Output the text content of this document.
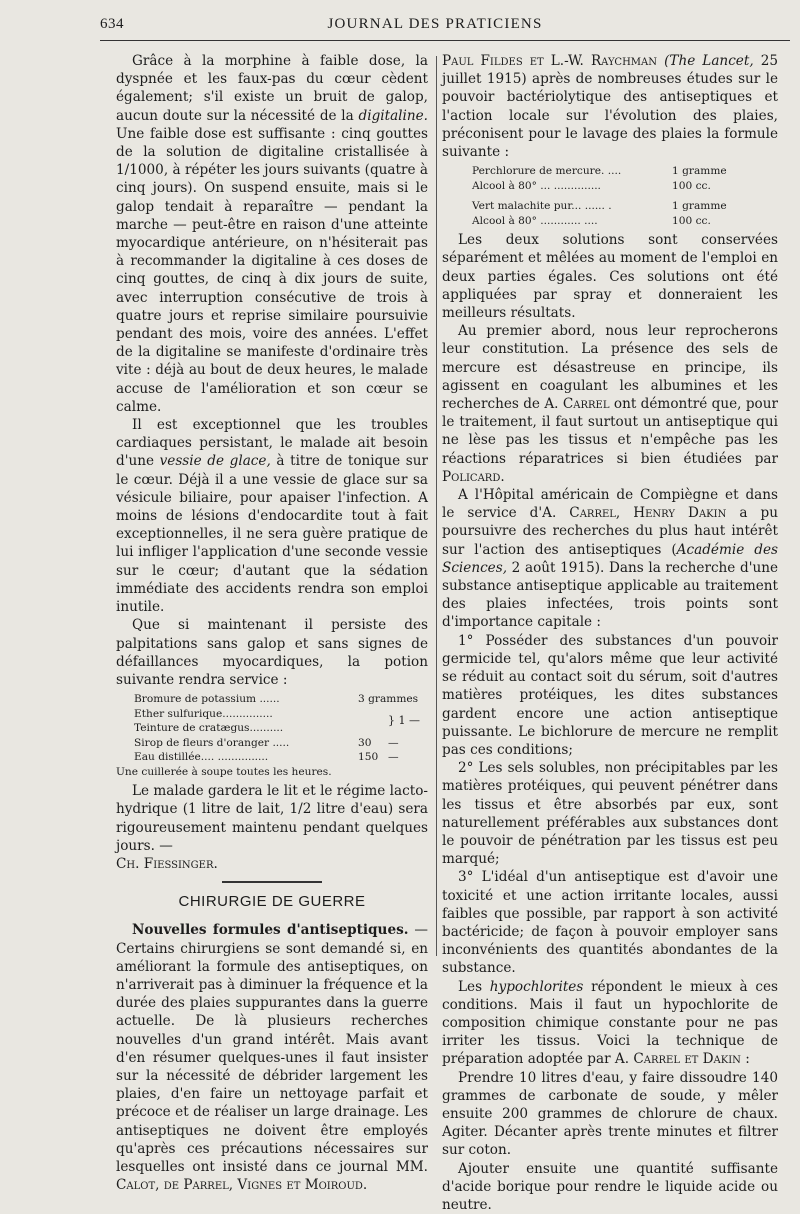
634	JOURNAL DES PRATICIENS

Grâce à la morphine à faible dose, la dyspnée et les faux-pas du cœur cèdent également; s'il existe un bruit de galop, aucun doute sur la nécessité de la digitaline. Une faible dose est suffisante : cinq gouttes de la solution de digitaline cristallisée à 1/1000, à répéter les jours suivants (quatre à cinq jours). On suspend ensuite, mais si le galop tendait à reparaître — pendant la marche — peut-être en raison d'une atteinte myocardique antérieure, on n'hésiterait pas à recommander la digitaline à ces doses de cinq gouttes, de cinq à dix jours de suite, avec interruption consécutive de trois à quatre jours et reprise similaire poursuivie pendant des mois, voire des années. L'effet de la digitaline se manifeste d'ordinaire très vite : déjà au bout de deux heures, le malade accuse de l'amélioration et son cœur se calme.

Il est exceptionnel que les troubles cardiaques persistant, le malade ait besoin d'une vessie de glace, à titre de tonique sur le cœur. Déjà il a une vessie de glace sur sa vésicule biliaire, pour apaiser l'infection. A moins de lésions d'endocardite tout à fait exceptionnelles, il ne sera guère pratique de lui infliger l'application d'une seconde vessie sur le cœur; d'autant que la sédation immédiate des accidents rendra son emploi inutile.

Que si maintenant il persiste des palpitations sans galop et sans signes de défaillances myocardiques, la potion suivante rendra service :

Bromure de potassium ......	3 grammes
Ether sulfurique...............
Teinture de cratægus..........
} 1 —
Sirop de fleurs d'oranger .....	30	—
Eau distillée.... ...............	150 —
Une cuillerée à soupe toutes les heures.

Le malade gardera le lit et le régime lacto-hydrique (1 litre de lait, 1/2 litre d'eau) sera rigoureusement maintenu pendant quelques jours. —

Ch. Fiessinger.

CHIRURGIE DE GUERRE

Nouvelles formules d'antiseptiques. — Certains chirurgiens se sont demandé si, en améliorant la formule des antiseptiques, on n'arriverait pas à diminuer la fréquence et la durée des plaies suppurantes dans la guerre actuelle. De là plusieurs recherches nouvelles d'un grand intérêt. Mais avant d'en résumer quelques-unes il faut insister sur la nécessité de débrider largement les plaies, d'en faire un nettoyage parfait et précoce et de réaliser un large drainage. Les antiseptiques ne doivent être employés qu'après ces précautions nécessaires sur lesquelles ont insisté dans ce journal MM. Calot, de Parrel, Vignes et Moiroud.

Paul Fildes et L.-W. Raychman (The Lancet, 25 juillet 1915) après de nombreuses études sur le pouvoir bactériolytique des antiseptiques et l'action locale sur l'évolution des plaies, préconisent pour le lavage des plaies la formule suivante :

Perchlorure de mercure. ....	1 gramme
Alcool à 80° ... ..............	100 cc.
Vert malachite pur... ...... .	1 gramme
Alcool à 80° ............ ....	100 cc.

Les deux solutions sont conservées séparément et mêlées au moment de l'emploi en deux parties égales. Ces solutions ont été appliquées par spray et donneraient les meilleurs résultats.

Au premier abord, nous leur reprocherons leur constitution. La présence des sels de mercure est désastreuse en principe, ils agissent en coagulant les albumines et les recherches de A. Carrel ont démontré que, pour le traitement, il faut surtout un antiseptique qui ne lèse pas les tissus et n'empêche pas les réactions réparatrices si bien étudiées par Policard.

A l'Hôpital américain de Compiègne et dans le service d'A. Carrel, Henry Dakin a pu poursuivre des recherches du plus haut intérêt sur l'action des antiseptiques (Académie des Sciences, 2 août 1915). Dans la recherche d'une substance antiseptique applicable au traitement des plaies infectées, trois points sont d'importance capitale :

1° Posséder des substances d'un pouvoir germicide tel, qu'alors même que leur activité se réduit au contact soit du sérum, soit d'autres matières protéiques, les dites substances gardent encore une action antiseptique puissante. Le bichlorure de mercure ne remplit pas ces conditions;

2° Les sels solubles, non précipitables par les matières protéiques, qui peuvent pénétrer dans les tissus et être absorbés par eux, sont naturellement préférables aux substances dont le pouvoir de pénétration par les tissus est peu marqué;

3° L'idéal d'un antiseptique est d'avoir une toxicité et une action irritante locales, aussi faibles que possible, par rapport à son activité bactéricide; de façon à pouvoir employer sans inconvénients des quantités abondantes de la substance.

Les hypochlorites répondent le mieux à ces conditions. Mais il faut un hypochlorite de composition chimique constante pour ne pas irriter les tissus. Voici la technique de préparation adoptée par A. Carrel et Dakin :

Prendre 10 litres d'eau, y faire dissoudre 140 grammes de carbonate de soude, y mêler ensuite 200 grammes de chlorure de chaux. Agiter. Décanter après trente minutes et filtrer sur coton.

Ajouter ensuite une quantité suffisante d'acide borique pour rendre le liquide acide ou neutre.
